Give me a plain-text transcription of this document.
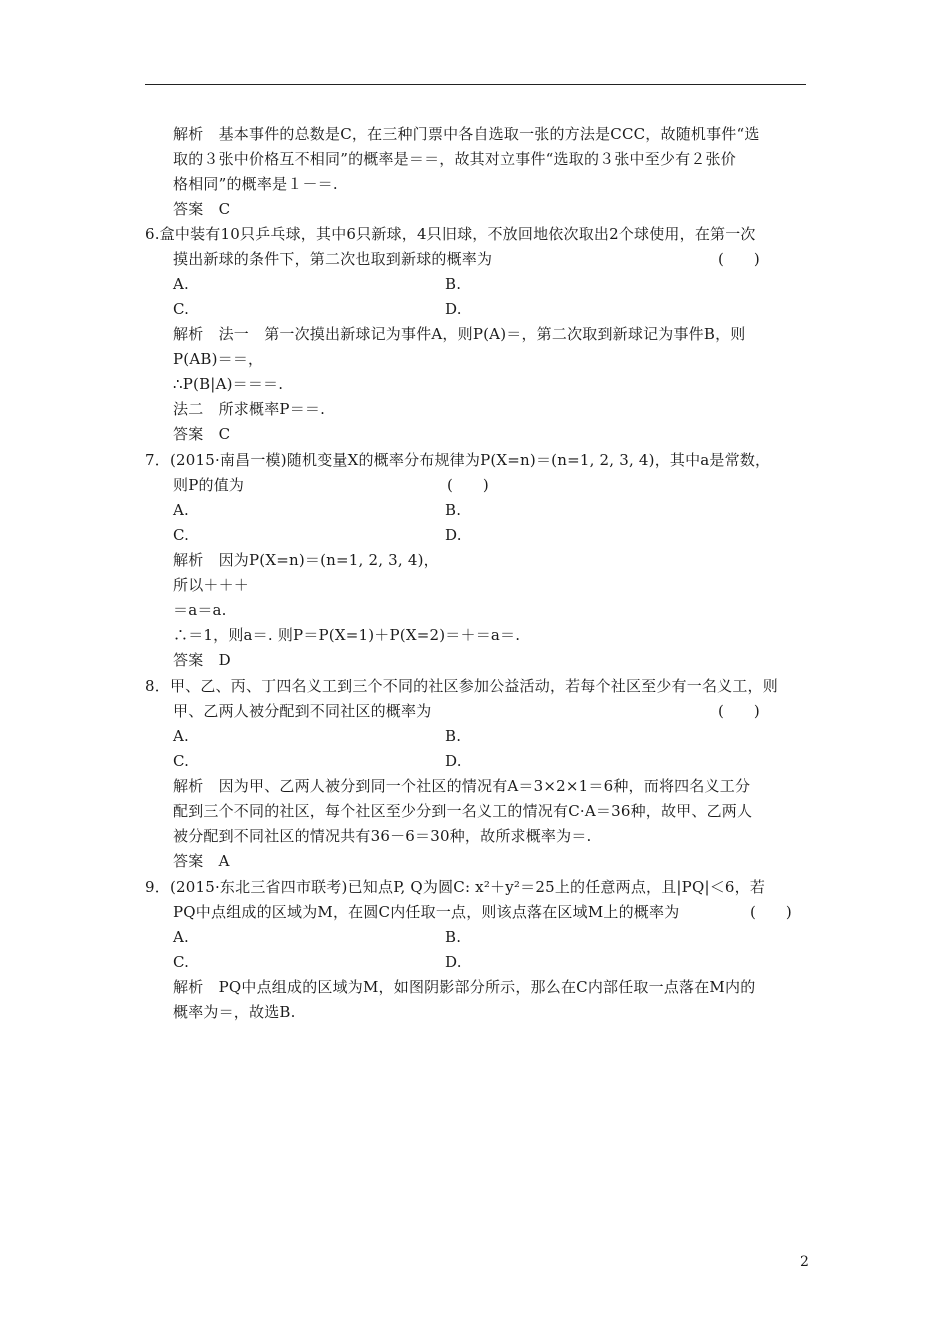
解析　基本事件的总数是C，在三种门票中各自选取一张的方法是CCC，故随机事件“选
取的３张中价格互不相同”的概率是＝＝，故其对立事件“选取的３张中至少有２张价
格相同”的概率是１－＝.
答案　C
6.盒中装有10只乒乓球，其中6只新球，4只旧球，不放回地依次取出2个球使用，在第一次
摸出新球的条件下，第二次也取到新球的概率为
A.	B.
C.	D.
解析　法一　第一次摸出新球记为事件A，则P(A)＝，第二次取到新球记为事件B，则
P(AB)＝＝，
∴P(B|A)＝＝＝.
法二　所求概率P＝＝.
答案　C
7．(2015·南昌一模)随机变量X的概率分布规律为P(X=n)＝(n=1, 2, 3, 4)，其中a是常数，
则P的值为
A.	B.
C.	D.
解析　因为P(X=n)＝(n=1, 2, 3, 4)，
所以＋＋＋
＝a＝a.
∴＝1，则a＝. 则P＝P(X=1)＋P(X=2)＝＋＝a＝.
答案　D
8．甲、乙、丙、丁四名义工到三个不同的社区参加公益活动，若每个社区至少有一名义工，则
甲、乙两人被分配到不同社区的概率为
A.	B.
C.	D.
解析　因为甲、乙两人被分到同一个社区的情况有A＝3×2×1＝6种，而将四名义工分
配到三个不同的社区，每个社区至少分到一名义工的情况有C·A＝36种，故甲、乙两人
被分配到不同社区的情况共有36－6＝30种，故所求概率为＝.
答案　A
9．(2015·东北三省四市联考)已知点P, Q为圆C: x²＋y²＝25上的任意两点，且|PQ|＜6，若
PQ中点组成的区域为M，在圆C内任取一点，则该点落在区域M上的概率为
A.	B.
C.	D.
解析　PQ中点组成的区域为M，如图阴影部分所示，那么在C内部任取一点落在M内的
概率为＝，故选B.
(　　)
(　　)
(　　)
(　　)
2
